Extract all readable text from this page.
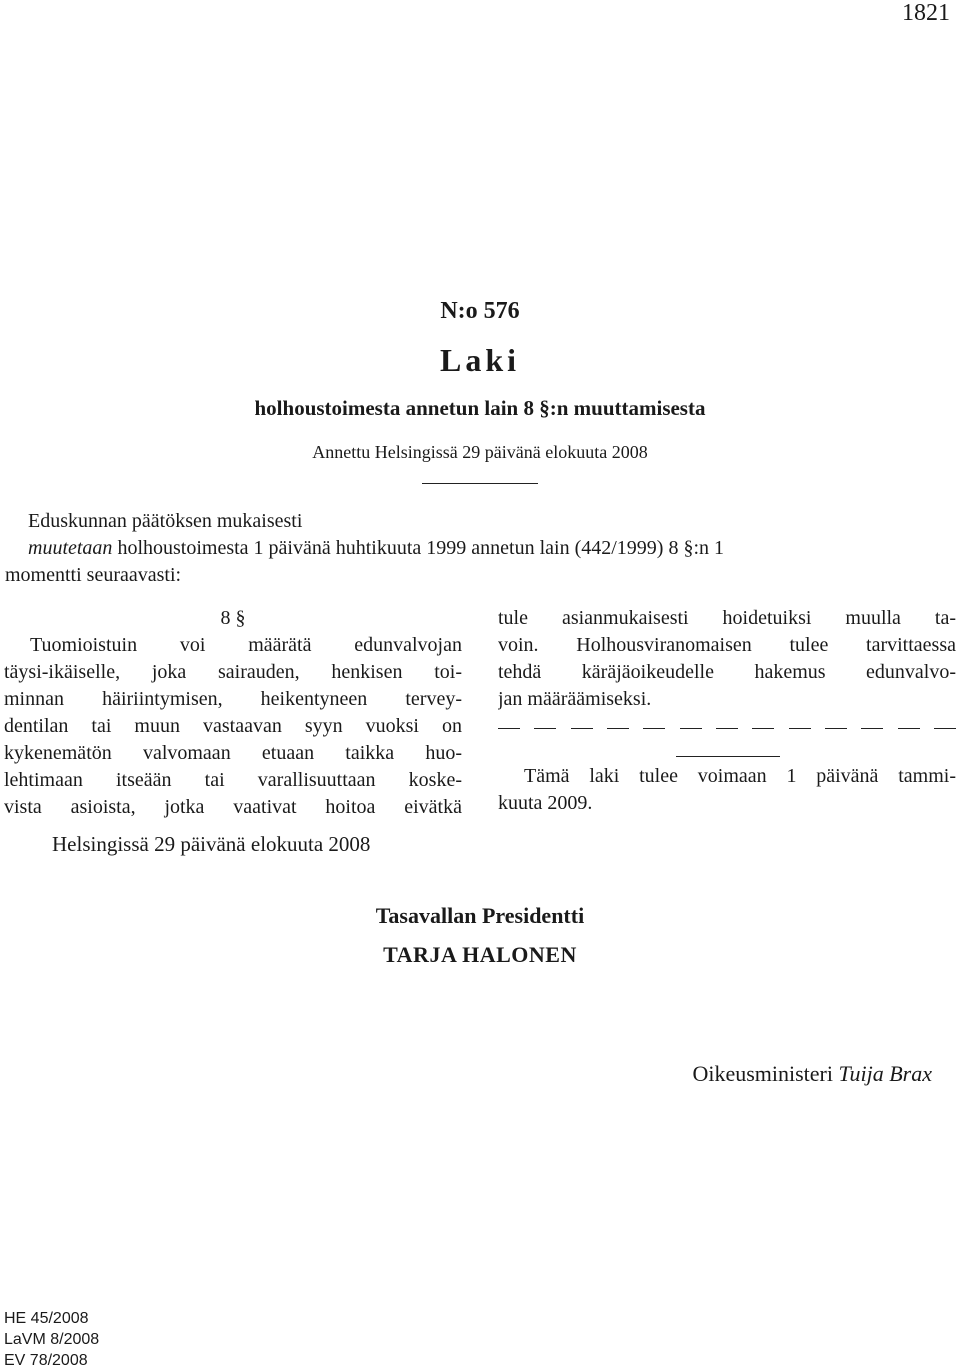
1821
N:o 576
Laki
holhoustoimesta annetun lain 8 §:n muuttamisesta
Annettu Helsingissä 29 päivänä elokuuta 2008
Eduskunnan päätöksen mukaisesti
muutetaan holhoustoimesta 1 päivänä huhtikuuta 1999 annetun lain (442/1999) 8 §:n 1
momentti seuraavasti:
8 §
Tuomioistuin voi määrätä edunvalvojan
täysi-ikäiselle, joka sairauden, henkisen toi-
minnan häiriintymisen, heikentyneen tervey-
dentilan tai muun vastaavan syyn vuoksi on
kykenemätön valvomaan etuaan taikka huo-
lehtimaan itseään tai varallisuuttaan koske-
vista asioista, jotka vaativat hoitoa eivätkä
tule asianmukaisesti hoidetuiksi muulla ta-
voin. Holhousviranomaisen tulee tarvittaessa
tehdä käräjäoikeudelle hakemus edunvalvo-
jan määräämiseksi.
Tämä laki tulee voimaan 1 päivänä tammi-
kuuta 2009.
Helsingissä 29 päivänä elokuuta 2008
Tasavallan Presidentti
TARJA HALONEN
Oikeusministeri Tuija Brax
HE 45/2008
LaVM 8/2008
EV 78/2008
